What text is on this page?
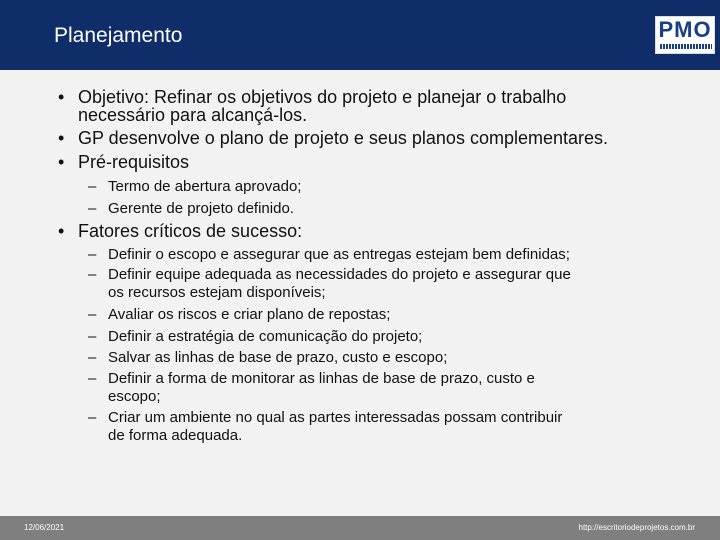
Planejamento	PMO
• Objetivo: Refinar os objetivos do projeto e planejar o trabalho
necessário para alcançá-los.
• GP desenvolve o plano de projeto e seus planos complementares.
• Pré-requisitos
– Termo de abertura aprovado;
– Gerente de projeto definido.
• Fatores críticos de sucesso:
– Definir o escopo e assegurar que as entregas estejam bem definidas;
– Definir equipe adequada as necessidades do projeto e assegurar que
os recursos estejam disponíveis;
– Avaliar os riscos e criar plano de repostas;
– Definir a estratégia de comunicação do projeto;
– Salvar as linhas de base de prazo, custo e escopo;
– Definir a forma de monitorar as linhas de base de prazo, custo e
escopo;
– Criar um ambiente no qual as partes interessadas possam contribuir
de forma adequada.
12/06/2021	http://escritoriodeprojetos.com.br
